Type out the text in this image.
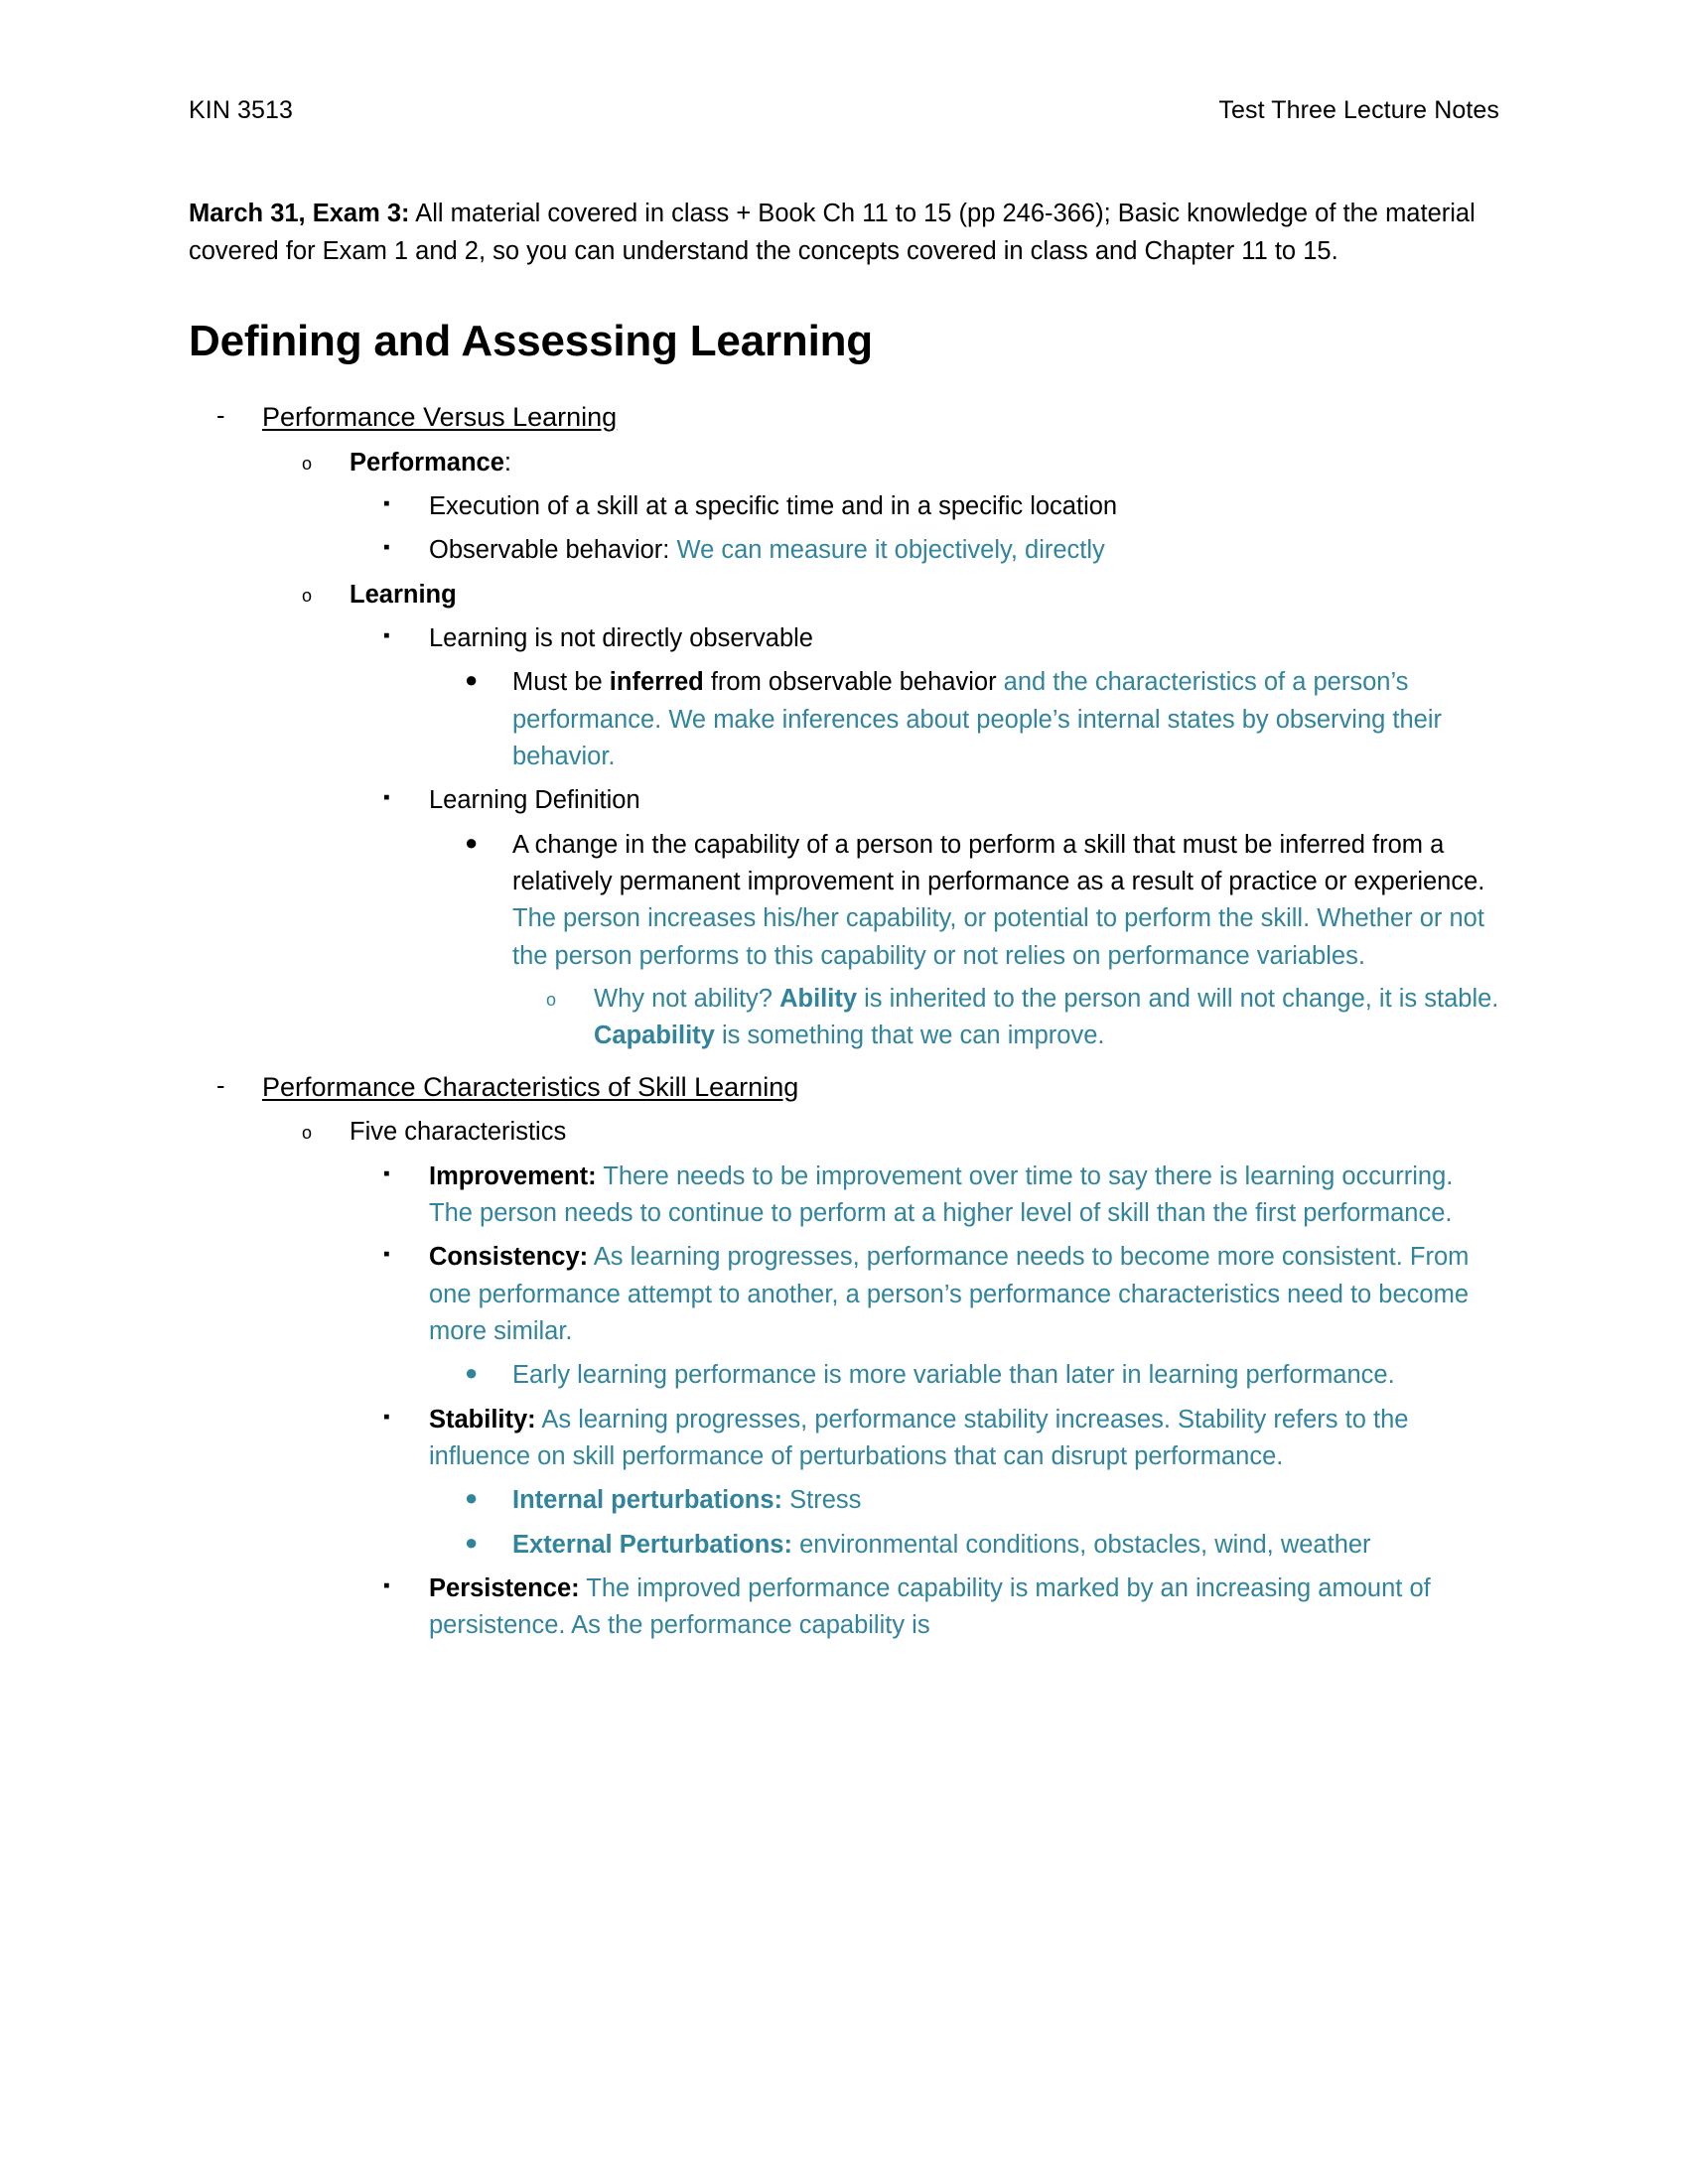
KIN 3513	Test Three Lecture Notes

March 31, Exam 3: All material covered in class + Book Ch 11 to 15 (pp 246-366); Basic knowledge of the material covered for Exam 1 and 2, so you can understand the concepts covered in class and Chapter 11 to 15.

Defining and Assessing Learning
-	Performance Versus Learning
o	Performance:
▪	Execution of a skill at a specific time and in a specific location
▪	Observable behavior: We can measure it objectively, directly
o	Learning
▪	Learning is not directly observable
●	Must be inferred from observable behavior and the characteristics of a person’s performance. We make inferences about people’s internal states by observing their behavior.
▪	Learning Definition
●	A change in the capability of a person to perform a skill that must be inferred from a relatively permanent improvement in performance as a result of practice or experience. The person increases his/her capability, or potential to perform the skill. Whether or not the person performs to this capability or not relies on performance variables.
o	Why not ability? Ability is inherited to the person and will not change, it is stable. Capability is something that we can improve.
-	Performance Characteristics of Skill Learning
o	Five characteristics
▪	Improvement: There needs to be improvement over time to say there is learning occurring. The person needs to continue to perform at a higher level of skill than the first performance.
▪	Consistency: As learning progresses, performance needs to become more consistent. From one performance attempt to another, a person’s performance characteristics need to become more similar.
●	Early learning performance is more variable than later in learning performance.
▪	Stability: As learning progresses, performance stability increases. Stability refers to the influence on skill performance of perturbations that can disrupt performance.
●	Internal perturbations: Stress
●	External Perturbations: environmental conditions, obstacles, wind, weather
▪	Persistence: The improved performance capability is marked by an increasing amount of persistence. As the performance capability is
